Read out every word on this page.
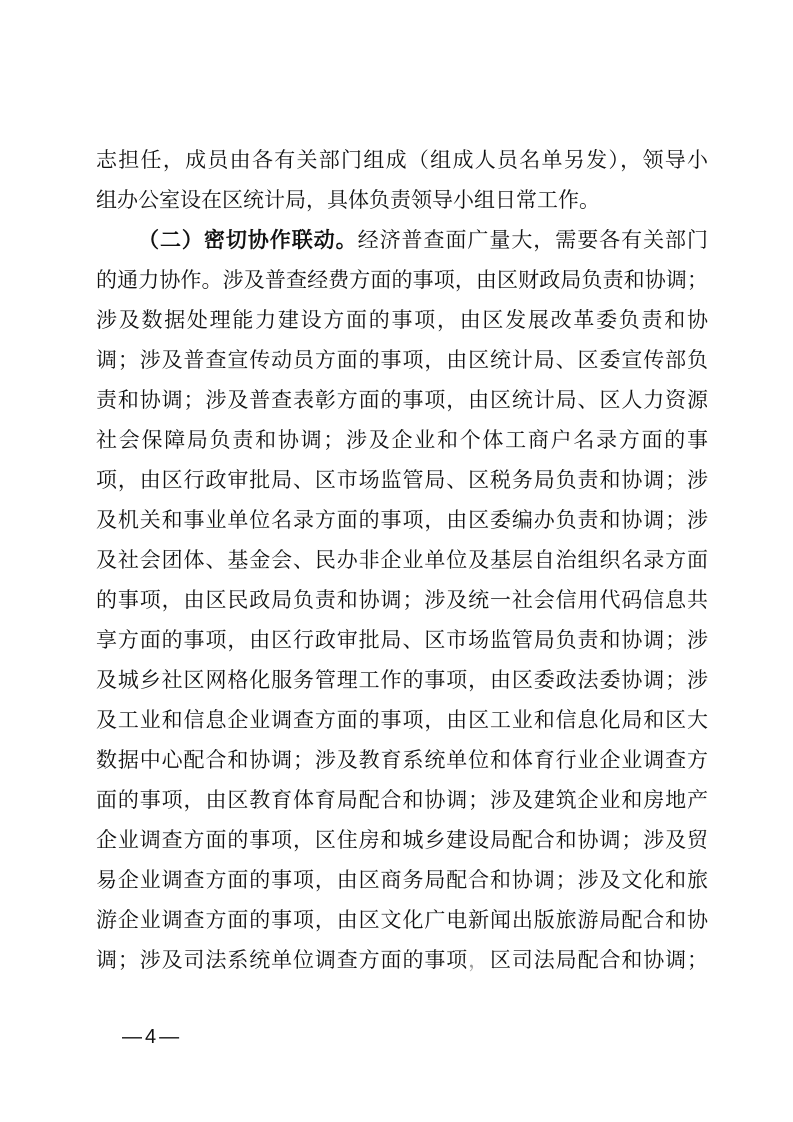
志担任，成员由各有关部门组成（组成人员名单另发），领导小
组办公室设在区统计局，具体负责领导小组日常工作。
（二）密切协作联动。经济普查面广量大，需要各有关部门
的通力协作。涉及普查经费方面的事项，由区财政局负责和协调；
涉及数据处理能力建设方面的事项，由区发展改革委负责和协
调；涉及普查宣传动员方面的事项，由区统计局、区委宣传部负
责和协调；涉及普查表彰方面的事项，由区统计局、区人力资源
社会保障局负责和协调；涉及企业和个体工商户名录方面的事
项，由区行政审批局、区市场监管局、区税务局负责和协调；涉
及机关和事业单位名录方面的事项，由区委编办负责和协调；涉
及社会团体、基金会、民办非企业单位及基层自治组织名录方面
的事项，由区民政局负责和协调；涉及统一社会信用代码信息共
享方面的事项，由区行政审批局、区市场监管局负责和协调；涉
及城乡社区网格化服务管理工作的事项，由区委政法委协调；涉
及工业和信息企业调查方面的事项，由区工业和信息化局和区大
数据中心配合和协调；涉及教育系统单位和体育行业企业调查方
面的事项，由区教育体育局配合和协调；涉及建筑企业和房地产
企业调查方面的事项，区住房和城乡建设局配合和协调；涉及贸
易企业调查方面的事项，由区商务局配合和协调；涉及文化和旅
游企业调查方面的事项，由区文化广电新闻出版旅游局配合和协
调；涉及司法系统单位调查方面的事项，区司法局配合和协调；
—4—
